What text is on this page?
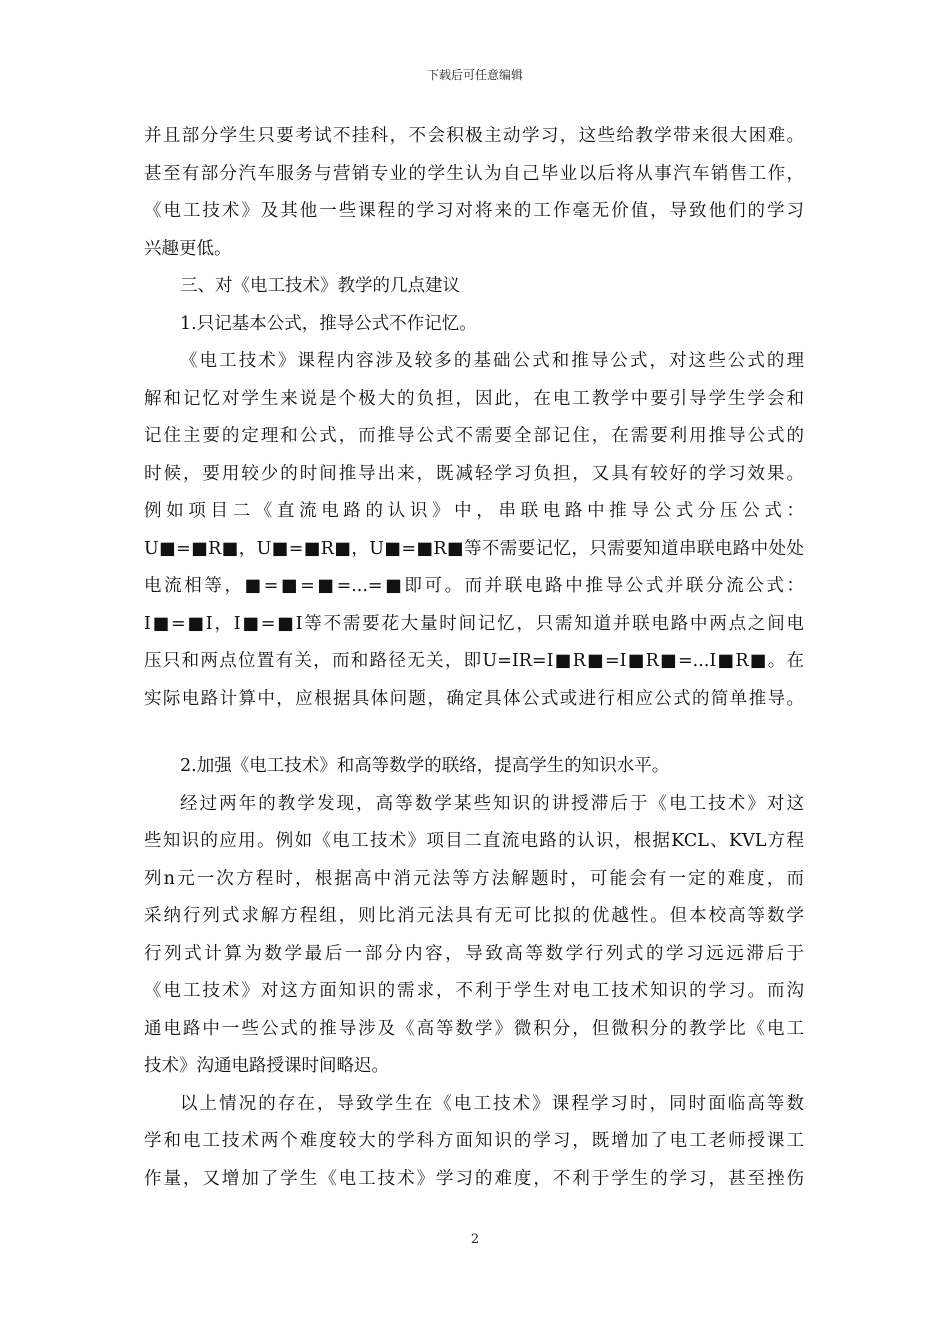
下载后可任意编辑
并且部分学生只要考试不挂科，不会积极主动学习，这些给教学带来很大困难。
甚至有部分汽车服务与营销专业的学生认为自己毕业以后将从事汽车销售工作，
《电工技术》及其他一些课程的学习对将来的工作毫无价值，导致他们的学习
兴趣更低。
三、对《电工技术》教学的几点建议
1.只记基本公式，推导公式不作记忆。
《电工技术》课程内容涉及较多的基础公式和推导公式，对这些公式的理
解和记忆对学生来说是个极大的负担，因此，在电工教学中要引导学生学会和
记住主要的定理和公式，而推导公式不需要全部记住，在需要利用推导公式的
时候，要用较少的时间推导出来，既减轻学习负担，又具有较好的学习效果。
例如项目二《直流电路的认识》中，串联电路中推导公式分压公式：
U■=■R■，U■=■R■，U■=■R■等不需要记忆，只需要知道串联电路中处处
电流相等，■=■=■=...=■即可。而并联电路中推导公式并联分流公式：
I■=■I，I■=■I等不需要花大量时间记忆，只需知道并联电路中两点之间电
压只和两点位置有关，而和路径无关，即U=IR=I■R■=I■R■=...I■R■。在
实际电路计算中，应根据具体问题，确定具体公式或进行相应公式的简单推导。
2.加强《电工技术》和高等数学的联络，提高学生的知识水平。
经过两年的教学发现，高等数学某些知识的讲授滞后于《电工技术》对这
些知识的应用。例如《电工技术》项目二直流电路的认识，根据KCL、KVL方程
列n元一次方程时，根据高中消元法等方法解题时，可能会有一定的难度，而
采纳行列式求解方程组，则比消元法具有无可比拟的优越性。但本校高等数学
行列式计算为数学最后一部分内容，导致高等数学行列式的学习远远滞后于
《电工技术》对这方面知识的需求，不利于学生对电工技术知识的学习。而沟
通电路中一些公式的推导涉及《高等数学》微积分，但微积分的教学比《电工
技术》沟通电路授课时间略迟。
以上情况的存在，导致学生在《电工技术》课程学习时，同时面临高等数
学和电工技术两个难度较大的学科方面知识的学习，既增加了电工老师授课工
作量，又增加了学生《电工技术》学习的难度，不利于学生的学习，甚至挫伤
2
